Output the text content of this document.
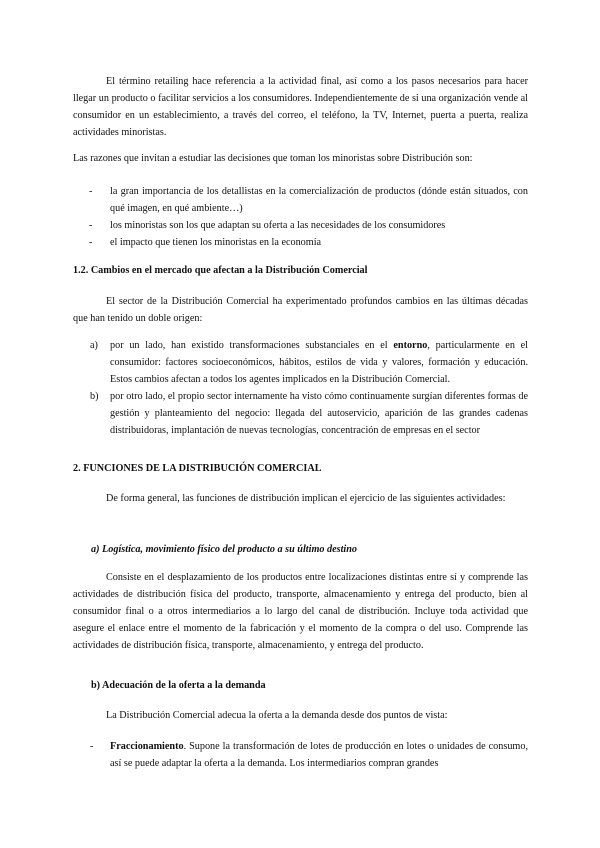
El término retailing hace referencia a la actividad final, así como a los pasos necesarios para hacer llegar un producto o facilitar servicios a los consumidores. Independientemente de si una organización vende al consumidor en un establecimiento, a través del correo, el teléfono, la TV, Internet, puerta a puerta, realiza actividades minoristas.

Las razones que invitan a estudiar las decisiones que toman los minoristas sobre Distribución son:

- la gran importancia de los detallistas en la comercialización de productos (dónde están situados, con qué imagen, en qué ambiente…)
- los minoristas son los que adaptan su oferta a las necesidades de los consumidores
- el impacto que tienen los minoristas en la economía
1.2. Cambios en el mercado que afectan a la Distribución Comercial

El sector de la Distribución Comercial ha experimentado profundos cambios en las últimas décadas que han tenido un doble origen:

a) por un lado, han existido transformaciones substanciales en el entorno, particularmente en el consumidor: factores socioeconómicos, hábitos, estilos de vida y valores, formación y educación. Estos cambios afectan a todos los agentes implicados en la Distribución Comercial.
b) por otro lado, el propio sector internamente ha visto cómo continuamente surgían diferentes formas de gestión y planteamiento del negocio: llegada del autoservicio, aparición de las grandes cadenas distribuidoras, implantación de nuevas tecnologías, concentración de empresas en el sector
2. FUNCIONES DE LA DISTRIBUCIÓN COMERCIAL

De forma general, las funciones de distribución implican el ejercicio de las siguientes actividades:

a) Logística, movimiento físico del producto a su último destino

Consiste en el desplazamiento de los productos entre localizaciones distintas entre sí y comprende las actividades de distribución física del producto, transporte, almacenamiento y entrega del producto, bien al consumidor final o a otros intermediarios a lo largo del canal de distribución. Incluye toda actividad que asegure el enlace entre el momento de la fabricación y el momento de la compra o del uso. Comprende las actividades de distribución física, transporte, almacenamiento, y entrega del producto.

b) Adecuación de la oferta a la demanda

La Distribución Comercial adecua la oferta a la demanda desde dos puntos de vista:

- Fraccionamiento. Supone la transformación de lotes de producción en lotes o unidades de consumo, así se puede adaptar la oferta a la demanda. Los intermediarios compran grandes
